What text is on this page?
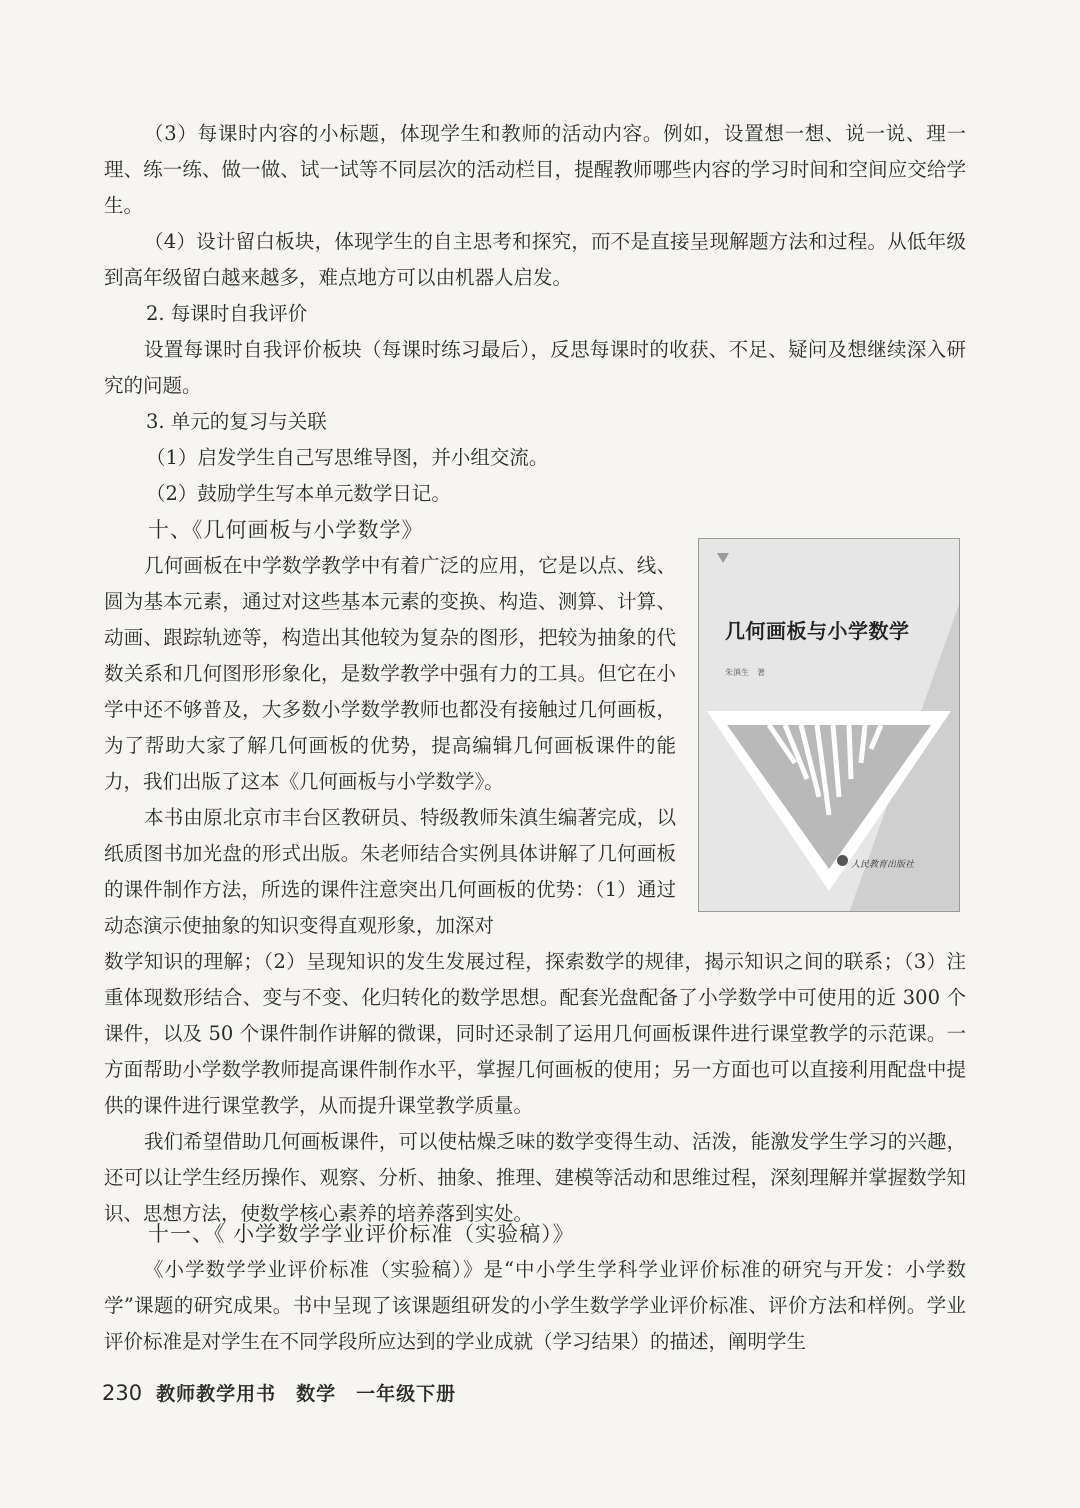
（3）每课时内容的小标题，体现学生和教师的活动内容。例如，设置想一想、说一说、理一理、练一练、做一做、试一试等不同层次的活动栏目，提醒教师哪些内容的学习时间和空间应交给学生。

（4）设计留白板块，体现学生的自主思考和探究，而不是直接呈现解题方法和过程。从低年级到高年级留白越来越多，难点地方可以由机器人启发。

2. 每课时自我评价

设置每课时自我评价板块（每课时练习最后），反思每课时的收获、不足、疑问及想继续深入研究的问题。

3. 单元的复习与关联

（1）启发学生自己写思维导图，并小组交流。

（2）鼓励学生写本单元数学日记。

十、《几何画板与小学数学》

几何画板在中学数学教学中有着广泛的应用，它是以点、线、圆为基本元素，通过对这些基本元素的变换、构造、测算、计算、动画、跟踪轨迹等，构造出其他较为复杂的图形，把较为抽象的代数关系和几何图形形象化，是数学教学中强有力的工具。但它在小学中还不够普及，大多数小学数学教师也都没有接触过几何画板，为了帮助大家了解几何画板的优势，提高编辑几何画板课件的能力，我们出版了这本《几何画板与小学数学》。

本书由原北京市丰台区教研员、特级教师朱滇生编著完成，以纸质图书加光盘的形式出版。朱老师结合实例具体讲解了几何画板的课件制作方法，所选的课件注意突出几何画板的优势：（1）通过动态演示使抽象的知识变得直观形象，加深对

数学知识的理解；（2）呈现知识的发生发展过程，探索数学的规律，揭示知识之间的联系；（3）注重体现数形结合、变与不变、化归转化的数学思想。配套光盘配备了小学数学中可使用的近 300 个课件，以及 50 个课件制作讲解的微课，同时还录制了运用几何画板课件进行课堂教学的示范课。一方面帮助小学数学教师提高课件制作水平，掌握几何画板的使用；另一方面也可以直接利用配盘中提供的课件进行课堂教学，从而提升课堂教学质量。

我们希望借助几何画板课件，可以使枯燥乏味的数学变得生动、活泼，能激发学生学习的兴趣，还可以让学生经历操作、观察、分析、抽象、推理、建模等活动和思维过程，深刻理解并掌握数学知识、思想方法，使数学核心素养的培养落到实处。

十一、《 小学数学学业评价标准（实验稿）》

《小学数学学业评价标准（实验稿）》是“中小学生学科学业评价标准的研究与开发：小学数学”课题的研究成果。书中呈现了该课题组研发的小学生数学学业评价标准、评价方法和样例。学业评价标准是对学生在不同学段所应达到的学业成就（学习结果）的描述，阐明学生

几何画板与小学数学
朱滇生　著
人民教育出版社
230 教师教学用书　数学　一年级下册
